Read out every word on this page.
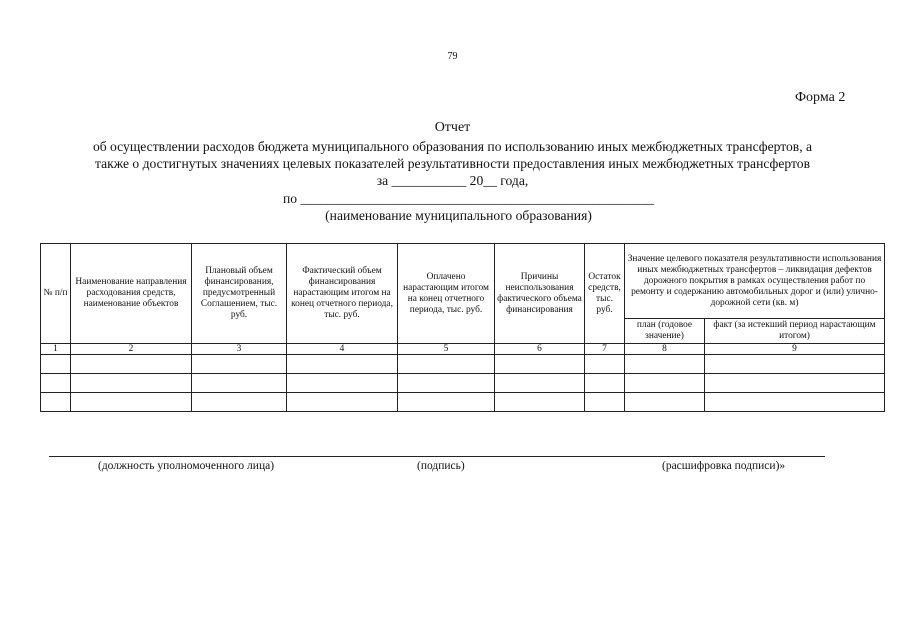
79
Форма 2
Отчет
об осуществлении расходов бюджета муниципального образования по использованию иных межбюджетных трансфертов, а
также о достигнутых значениях целевых показателей результативности предоставления иных межбюджетных трансфертов
за ___________ 20__ года,
по ____________________________________________________
(наименование муниципального образования)
№ п/п	Наименование направления расходования средств, наименование объектов	Плановый объем финансирования, предусмотренный Соглашением, тыс. руб.	Фактический объем финансирования нарастающим итогом на конец отчетного периода, тыс. руб.	Оплачено нарастающим итогом на конец отчетного периода, тыс. руб.	Причины неиспользования фактического объема финансирования	Остаток средств, тыс. руб.	Значение целевого показателя результативности использования иных межбюджетных трансфертов – ликвидация дефектов дорожного покрытия в рамках осуществления работ по ремонту и содержанию автомобильных дорог и (или) улично-дорожной сети (кв. м)	
							план (годовое значение)	факт (за истекший период нарастающим итогом)
1	2	3	4	5	6	7	8	9

(должность уполномоченного лица)	(подпись)	(расшифровка подписи)»
